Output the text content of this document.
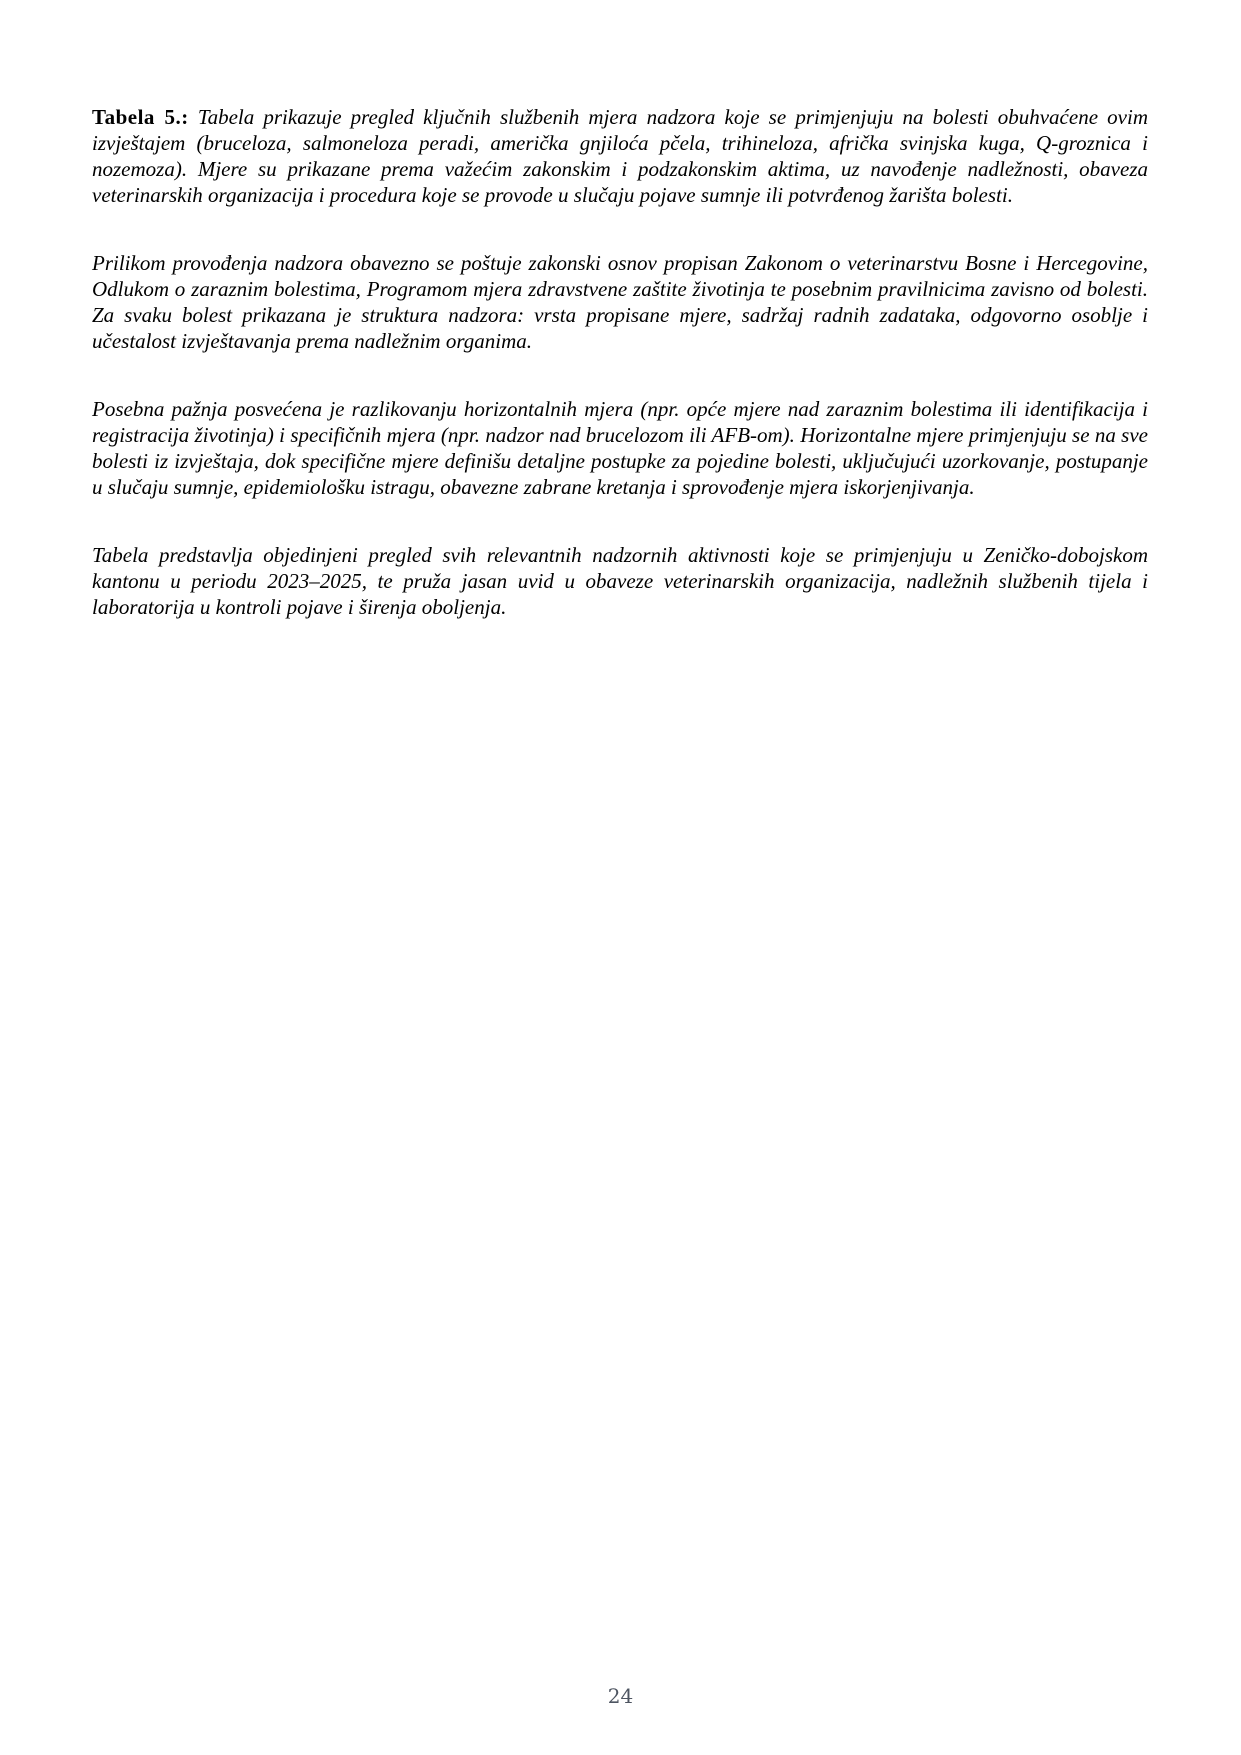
Tabela 5.: Tabela prikazuje pregled ključnih službenih mjera nadzora koje se primjenjuju na bolesti obuhvaćene ovim izvještajem (bruceloza, salmoneloza peradi, američka gnjiloća pčela, trihineloza, afrička svinjska kuga, Q-groznica i nozemoza). Mjere su prikazane prema važećim zakonskim i podzakonskim aktima, uz navođenje nadležnosti, obaveza veterinarskih organizacija i procedura koje se provode u slučaju pojave sumnje ili potvrđenog žarišta bolesti.

Prilikom provođenja nadzora obavezno se poštuje zakonski osnov propisan Zakonom o veterinarstvu Bosne i Hercegovine, Odlukom o zaraznim bolestima, Programom mjera zdravstvene zaštite životinja te posebnim pravilnicima zavisno od bolesti. Za svaku bolest prikazana je struktura nadzora: vrsta propisane mjere, sadržaj radnih zadataka, odgovorno osoblje i učestalost izvještavanja prema nadležnim organima.

Posebna pažnja posvećena je razlikovanju horizontalnih mjera (npr. opće mjere nad zaraznim bolestima ili identifikacija i registracija životinja) i specifičnih mjera (npr. nadzor nad brucelozom ili AFB-om). Horizontalne mjere primjenjuju se na sve bolesti iz izvještaja, dok specifične mjere definišu detaljne postupke za pojedine bolesti, uključujući uzorkovanje, postupanje u slučaju sumnje, epidemiološku istragu, obavezne zabrane kretanja i sprovođenje mjera iskorjenjivanja.

Tabela predstavlja objedinjeni pregled svih relevantnih nadzornih aktivnosti koje se primjenjuju u Zeničko-dobojskom kantonu u periodu 2023–2025, te pruža jasan uvid u obaveze veterinarskih organizacija, nadležnih službenih tijela i laboratorija u kontroli pojave i širenja oboljenja.

24
